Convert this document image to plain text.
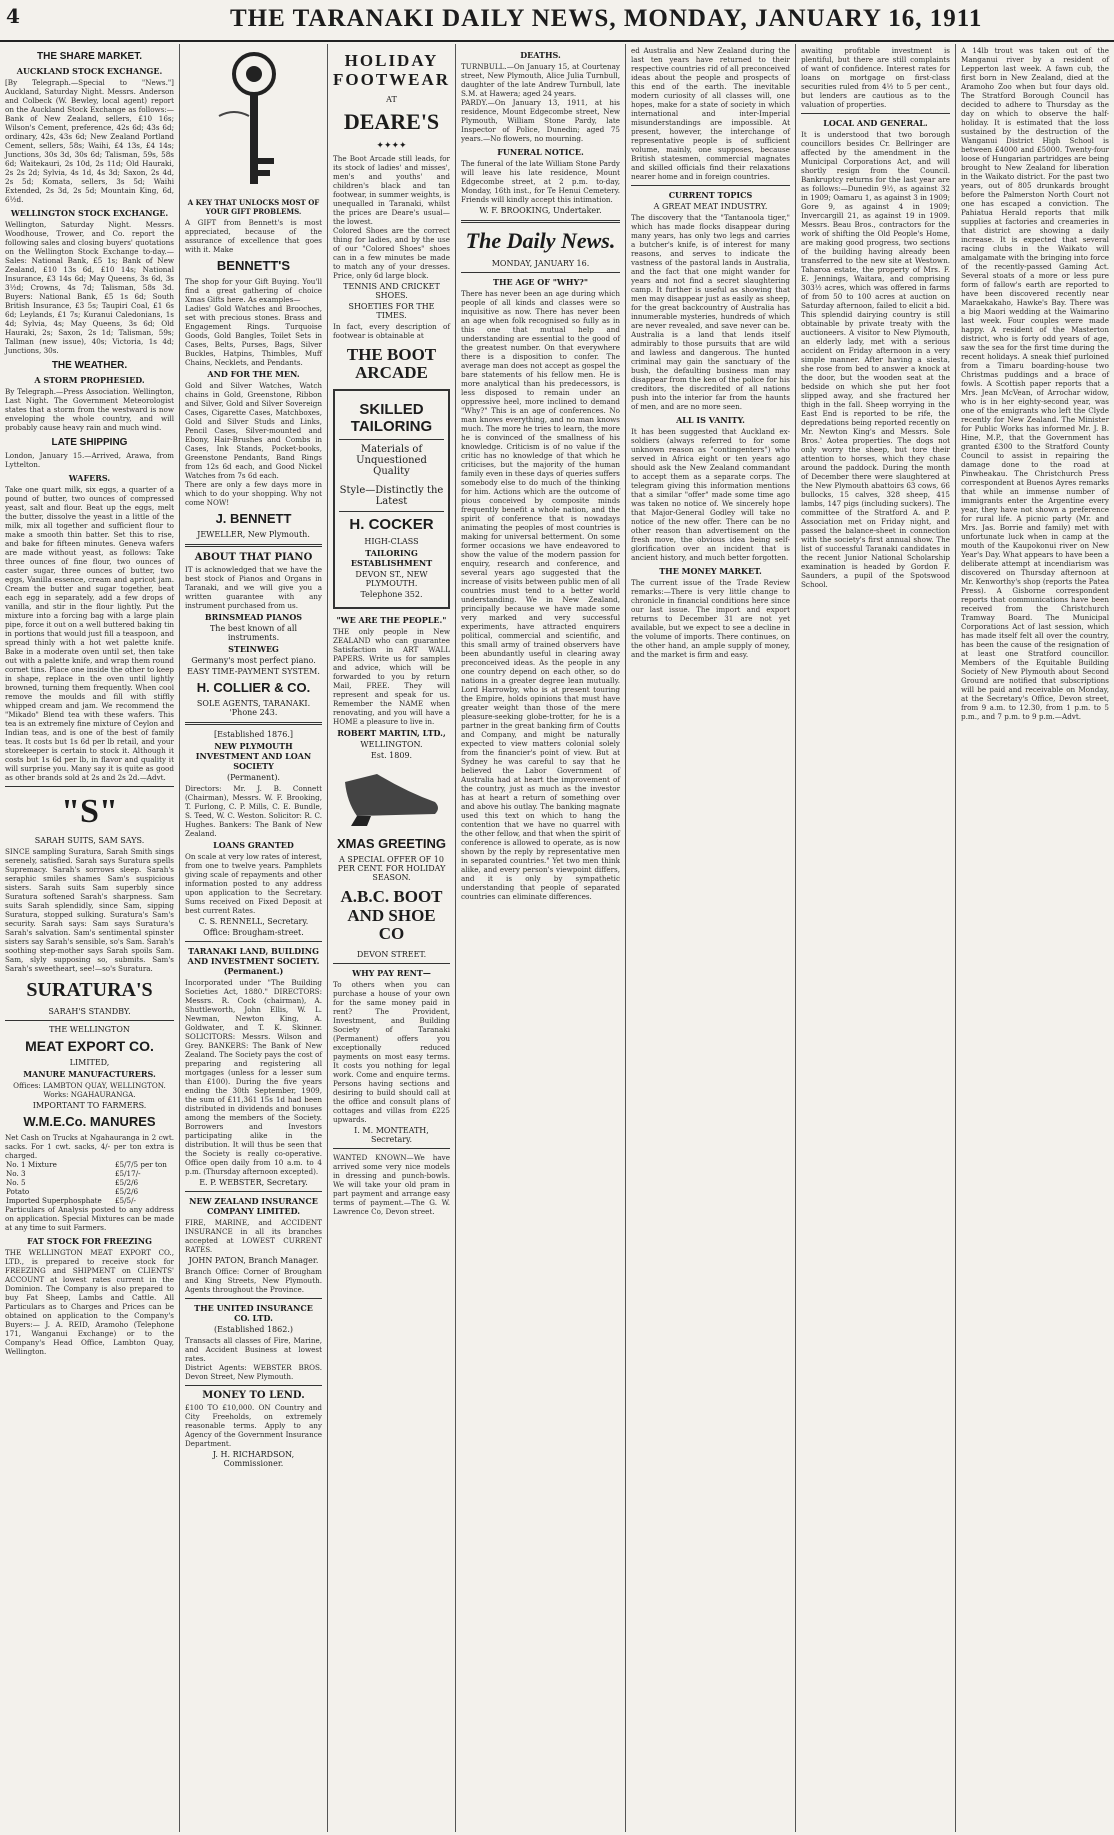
4	THE TARANAKI DAILY NEWS, MONDAY, JANUARY 16, 1911
THE SHARE MARKET.
AUCKLAND STOCK EXCHANGE.
[By Telegraph.—Special to "News."] Auckland, Saturday Night. Messrs. Anderson and Colbeck (W. Bewley, local agent) report on the Auckland Stock Exchange as follows:—Bank of New Zealand, sellers, £10 16s; Wilson's Cement, preference, 42s 6d; 43s 6d; ordinary, 42s, 43s 6d; New Zealand Portland Cement, sellers, 58s; Waihi, £4 13s, £4 14s; Junctions, 30s 3d, 30s 6d; Talisman, 59s, 58s 6d; Waitekauri, 2s 10d, 2s 11d; Old Hauraki, 2s 2s 2d; Sylvia, 4s 1d, 4s 3d; Saxon, 2s 4d, 2s 5d; Komata, sellers, 3s 5d; Waihi Extended, 2s 3d, 2s 5d; Mountain King, 6d, 6½d.
WELLINGTON STOCK EXCHANGE.
Wellington, Saturday Night. Messrs. Woodhouse, Trower, and Co. report the following sales and closing buyers' quotations on the Wellington Stock Exchange to-day.—Sales: National Bank, £5 1s; Bank of New Zealand, £10 13s 6d, £10 14s; National Insurance, £3 14s 6d; May Queens, 3s 6d, 3s 3½d; Crowns, 4s 7d; Talisman, 58s 3d. Buyers: National Bank, £5 1s 6d; South British Insurance, £3 5s; Taupiri Coal, £1 6s 6d; Leylands, £1 7s; Kuranui Caledonians, 1s 4d; Sylvia, 4s; May Queens, 3s 6d; Old Hauraki, 2s; Saxon, 2s 1d; Talisman, 59s; Tallman (new issue), 40s; Victoria, 1s 4d; Junctions, 30s.
THE WEATHER.
A STORM PROPHESIED.
By Telegraph.—Press Association. Wellington, Last Night. The Government Meteorologist states that a storm from the westward is now enveloping the whole country, and will probably cause heavy rain and much wind.
LATE SHIPPING
London, January 15.—Arrived, Arawa, from Lyttelton.
WAFERS.
Take one quart milk, six eggs, a quarter of a pound of butter, two ounces of compressed yeast, salt and flour. Beat up the eggs, melt the butter, dissolve the yeast in a little of the milk, mix all together and sufficient flour to make a smooth thin batter. Set this to rise, and bake for fifteen minutes. Geneva wafers are made without yeast, as follows: Take three ounces of fine flour, two ounces of caster sugar, three ounces of butter, two eggs, Vanilla essence, cream and apricot jam. Cream the butter and sugar together, beat each egg in separately, add a few drops of vanilla, and stir in the flour lightly. Put the mixture into a forcing bag with a large plain pipe, force it out on a well buttered baking tin in portions that would just fill a teaspoon, and spread thinly with a hot wet palette knife. Bake in a moderate oven until set, then take out with a palette knife, and wrap them round cornet tins. Place one inside the other to keep in shape, replace in the oven until lightly browned, turning them frequently. When cool remove the moulds and fill with stiffly whipped cream and jam. We recommend the "Mikado" Blend tea with these wafers. This tea is an extremely fine mixture of Ceylon and Indian teas, and is one of the best of family teas. It costs but 1s 6d per lb retail, and your storekeeper is certain to stock it. Although it costs but 1s 6d per lb, in flavor and quality it will surprise you. Many say it is quite as good as other brands sold at 2s and 2s 2d.—Advt.
"S"
SARAH SUITS, SAM SAYS.
SINCE sampling Suratura, Sarah Smith sings serenely, satisfied. Sarah says Suratura spells Supremacy. Sarah's sorrows sleep. Sarah's seraphic smiles shames Sam's suspicious sisters. Sarah suits Sam superbly since Suratura softened Sarah's sharpness. Sam suits Sarah splendidly, since Sam, sipping Suratura, stopped sulking. Suratura's Sam's security. Sarah says: Sam says Suratura's Sarah's salvation. Sam's sentimental spinster sisters say Sarah's sensible, so's Sam. Sarah's soothing step-mother says Sarah spoils Sam. Sam, slyly supposing so, submits. Sam's Sarah's sweetheart, see!—so's Suratura.
SURATURA'S
SARAH'S STANDBY.
THE WELLINGTON
MEAT EXPORT CO.
LIMITED,
MANURE MANUFACTURERS.
Offices: LAMBTON QUAY, WELLINGTON. Works: NGAHAURANGA.
IMPORTANT TO FARMERS.
W.M.E.Co. MANURES
Net Cash on Trucks at Ngahauranga in 2 cwt. sacks. For 1 cwt. sacks, 4/- per ton extra is charged.
No. 1 Mixture	£5/7/5 per ton
No. 3	£5/17/-
No. 5	£5/2/6
Potato	£5/2/6
Imported Superphosphate	£5/5/-
Particulars of Analysis posted to any address on application. Special Mixtures can be made at any time to suit Farmers.
FAT STOCK FOR FREEZING
THE WELLINGTON MEAT EXPORT CO., LTD., is prepared to receive stock for FREEZING and SHIPMENT on CLIENTS' ACCOUNT at lowest rates current in the Dominion. The Company is also prepared to buy Fat Sheep, Lambs and Cattle. All Particulars as to Charges and Prices can be obtained on application to the Company's Buyers:— J. A. REID, Aramoho (Telephone 171, Wanganui Exchange) or to the Company's Head Office, Lambton Quay, Wellington.
A KEY THAT UNLOCKS MOST OF YOUR GIFT PROBLEMS.
A GIFT from Bennett's is most appreciated, because of the assurance of excellence that goes with it. Make
BENNETT'S
The shop for your Gift Buying. You'll find a great gathering of choice Xmas Gifts here. As examples—
Ladies' Gold Watches and Brooches, set with precious stones. Brass and Engagement Rings. Turquoise Goods, Gold Bangles, Toilet Sets in Cases, Belts, Purses, Bags, Silver Buckles, Hatpins, Thimbles, Muff Chains, Necklets, and Pendants.
AND FOR THE MEN.
Gold and Silver Watches, Watch chains in Gold, Greenstone, Ribbon and Silver, Gold and Silver Sovereign Cases, Cigarette Cases, Matchboxes, Gold and Silver Studs and Links, Pencil Cases, Silver-mounted and Ebony, Hair-Brushes and Combs in Cases, Ink Stands, Pocket-books, Greenstone Pendants, Band Rings from 12s 6d each, and Good Nickel Watches from 7s 6d each.
There are only a few days more in which to do your shopping. Why not come NOW!
J. BENNETT
JEWELLER, New Plymouth.
ABOUT THAT PIANO
IT is acknowledged that we have the best stock of Pianos and Organs in Taranaki, and we will give you a written guarantee with any instrument purchased from us.
BRINSMEAD PIANOS
The best known of all instruments.
STEINWEG
Germany's most perfect piano.
EASY TIME-PAYMENT SYSTEM.
H. COLLIER & CO.
SOLE AGENTS, TARANAKI. 'Phone 243.
[Established 1876.]
NEW PLYMOUTH INVESTMENT AND LOAN SOCIETY
(Permanent).
Directors: Mr. J. B. Connett (Chairman), Messrs. W. F. Brooking, T. Furlong, C. P. Mills, C. E. Bundle, S. Teed, W. C. Weston. Solicitor: R. C. Hughes. Bankers: The Bank of New Zealand.
LOANS GRANTED
On scale at very low rates of interest, from one to twelve years. Pamphlets giving scale of repayments and other information posted to any address upon application to the Secretary. Sums received on Fixed Deposit at best current Rates.
C. S. RENNELL, Secretary.
Office: Brougham-street.
TARANAKI LAND, BUILDING AND INVESTMENT SOCIETY. (Permanent.)
Incorporated under "The Building Societies Act, 1880." DIRECTORS: Messrs. R. Cock (chairman), A. Shuttleworth, John Ellis, W. L. Newman, Newton King, A. Goldwater, and T. K. Skinner. SOLICITORS: Messrs. Wilson and Grey. BANKERS: The Bank of New Zealand. The Society pays the cost of preparing and registering all mortgages (unless for a lesser sum than £100). During the five years ending the 30th September, 1909, the sum of £11,361 15s 1d had been distributed in dividends and bonuses among the members of the Society. Borrowers and Investors participating alike in the distribution. It will thus be seen that the Society is really co-operative. Office open daily from 10 a.m. to 4 p.m. (Thursday afternoon excepted).
E. P. WEBSTER, Secretary.
NEW ZEALAND INSURANCE COMPANY LIMITED.
FIRE, MARINE, and ACCIDENT INSURANCE in all its branches accepted at LOWEST CURRENT RATES.
JOHN PATON, Branch Manager.
Branch Office: Corner of Brougham and King Streets, New Plymouth. Agents throughout the Province.
THE UNITED INSURANCE CO. LTD.
(Established 1862.)
Transacts all classes of Fire, Marine, and Accident Business at lowest rates.
District Agents: WEBSTER BROS. Devon Street, New Plymouth.
MONEY TO LEND.
£100 TO £10,000. ON Country and City Freeholds, on extremely reasonable terms. Apply to any Agency of the Government Insurance Department.
J. H. RICHARDSON, Commissioner.
HOLIDAY FOOTWEAR
AT
DEARE'S
✦✦✦✦
The Boot Arcade still leads, for its stock of ladies' and misses', men's and youths' and children's black and tan footwear, in summer weights, is unequalled in Taranaki, whilst the prices are Deare's usual—the lowest.
Colored Shoes are the correct thing for ladies, and by the use of our "Colored Shoes" shoes can in a few minutes be made to match any of your dresses. Price, only 6d large block.
TENNIS AND CRICKET SHOES.
SHOETIES FOR THE TIMES.
In fact, every description of footwear is obtainable at
THE BOOT ARCADE
SKILLED TAILORING
Materials of Unquestioned Quality
Style—Distinctly the Latest
H. COCKER
HIGH-CLASS
TAILORING ESTABLISHMENT
DEVON ST., NEW PLYMOUTH.
Telephone 352.
"WE ARE THE PEOPLE."
THE only people in New ZEALAND who can guarantee Satisfaction in ART WALL PAPERS. Write us for samples and advice, which will be forwarded to you by return Mail, FREE. They will represent and speak for us. Remember the NAME when renovating, and you will have a HOME a pleasure to live in.
ROBERT MARTIN, LTD.,
WELLINGTON.
Est. 1809.
XMAS GREETING
A SPECIAL OFFER OF 10 PER CENT. FOR HOLIDAY SEASON.
A.B.C. BOOT AND SHOE CO
DEVON STREET.
WHY PAY RENT—
To others when you can purchase a house of your own for the same money paid in rent? The Provident, Investment, and Building Society of Taranaki (Permanent) offers you exceptionally reduced payments on most easy terms. It costs you nothing for legal work. Come and enquire terms. Persons having sections and desiring to build should call at the office and consult plans of cottages and villas from £225 upwards.
I. M. MONTEATH, Secretary.
WANTED KNOWN—We have arrived some very nice models in dressing and punch-bowls. We will take your old pram in part payment and arrange easy terms of payment.—The G. W. Lawrence Co, Devon street.
DEATHS.
TURNBULL.—On January 15, at Courtenay street, New Plymouth, Alice Julia Turnbull, daughter of the late Andrew Turnbull, late S.M. at Hawera; aged 24 years.
PARDY.—On January 13, 1911, at his residence, Mount Edgecombe street, New Plymouth, William Stone Pardy, late Inspector of Police, Dunedin; aged 75 years.—No flowers, no mourning.
FUNERAL NOTICE.
The funeral of the late William Stone Pardy will leave his late residence, Mount Edgecombe street, at 2 p.m. to-day, Monday, 16th inst., for Te Henui Cemetery. Friends will kindly accept this intimation.
W. F. BROOKING, Undertaker.
The Daily News.
MONDAY, JANUARY 16.
THE AGE OF "WHY?"
There has never been an age during which people of all kinds and classes were so inquisitive as now. There has never been an age when folk recognised so fully as in this one that mutual help and understanding are essential to the good of the greatest number. On that everywhere there is a disposition to confer. The average man does not accept as gospel the bare statements of his fellow men. He is more analytical than his predecessors, is less disposed to remain under an oppressive heel, more inclined to demand "Why?" This is an age of conferences. No man knows everything, and no man knows much. The more he tries to learn, the more he is convinced of the smallness of his knowledge. Criticism is of no value if the critic has no knowledge of that which he criticises, but the majority of the human family even in these days of queries suffers somebody else to do much of the thinking for him. Actions which are the outcome of pious conceived by composite minds frequently benefit a whole nation, and the spirit of conference that is nowadays animating the peoples of most countries is making for universal betterment. On some former occasions we have endeavored to show the value of the modern passion for enquiry, research and conference, and several years ago suggested that the increase of visits between public men of all countries must tend to a better world understanding. We in New Zealand, principally because we have made some very marked and very successful experiments, have attracted enquirers political, commercial and scientific, and this small army of trained observers have been abundantly useful in clearing away preconceived ideas. As the people in any one country depend on each other, so do nations in a greater degree lean mutually. Lord Harrowby, who is at present touring the Empire, holds opinions that must have greater weight than those of the mere pleasure-seeking globe-trotter, for he is a partner in the great banking firm of Coutts and Company, and might be naturally expected to view matters colonial solely from the financier's point of view. But at Sydney he was careful to say that he believed the Labor Government of Australia had at heart the improvement of the country, just as much as the investor has at heart a return of something over and above his outlay. The banking magnate used this text on which to hang the contention that we have no quarrel with the other fellow, and that when the spirit of conference is allowed to operate, as is now shown by the reply by representative men in separated countries." Yet two men think alike, and every person's viewpoint differs, and it is only by sympathetic understanding that people of separated countries can eliminate differences.
ed Australia and New Zealand during the last ten years have returned to their respective countries rid of all preconceived ideas about the people and prospects of this end of the earth. The inevitable modern curiosity of all classes will, one hopes, make for a state of society in which international and inter-Imperial misunderstandings are impossible. At present, however, the interchange of representative people is of sufficient volume, mainly, one supposes, because British statesmen, commercial magnates and skilled officials find their relaxations nearer home and in foreign countries.
CURRENT TOPICS
A GREAT MEAT INDUSTRY.
The discovery that the "Tantanoola tiger," which has made flocks disappear during many years, has only two legs and carries a butcher's knife, is of interest for many reasons, and serves to indicate the vastness of the pastoral lands in Australia, and the fact that one might wander for years and not find a secret slaughtering camp. It further is useful as showing that men may disappear just as easily as sheep, for the great backcountry of Australia has innumerable mysteries, hundreds of which are never revealed, and save never can be. Australia is a land that lends itself admirably to those pursuits that are wild and lawless and dangerous. The hunted criminal may gain the sanctuary of the bush, the defaulting business man may disappear from the ken of the police for his creditors, the discredited of all nations push into the interior far from the haunts of men, and are no more seen.
ALL IS VANITY.
It has been suggested that Auckland ex-soldiers (always referred to for some unknown reason as "contingenters") who served in Africa eight or ten years ago should ask the New Zealand commandant to accept them as a separate corps. The telegram giving this information mentions that a similar "offer" made some time ago was taken no notice of. We sincerely hope that Major-General Godley will take no notice of the new offer. There can be no other reason than advertisement on the fresh move, the obvious idea being self-glorification over an incident that is ancient history, and much better forgotten.
THE MONEY MARKET.
The current issue of the Trade Review remarks:—There is very little change to chronicle in financial conditions here since our last issue. The import and export returns to December 31 are not yet available, but we expect to see a decline in the volume of imports. There continues, on the other hand, an ample supply of money, and the market is firm and easy.
awaiting profitable investment is plentiful, but there are still complaints of want of confidence. Interest rates for loans on mortgage on first-class securities ruled from 4½ to 5 per cent., but lenders are cautious as to the valuation of properties.
LOCAL AND GENERAL.
It is understood that two borough councillors besides Cr. Bellringer are affected by the amendment in the Municipal Corporations Act, and will shortly resign from the Council. Bankruptcy returns for the last year are as follows:—Dunedin 9½, as against 32 in 1909; Oamaru 1, as against 3 in 1909; Gore 9, as against 4 in 1909; Invercargill 21, as against 19 in 1909. Messrs. Beau Bros., contractors for the work of shifting the Old People's Home, are making good progress, two sections of the building having already been transferred to the new site at Westown. Taharoa estate, the property of Mrs. F. E. Jennings, Waitara, and comprising 303½ acres, which was offered in farms of from 50 to 100 acres at auction on Saturday afternoon, failed to elicit a bid. This splendid dairying country is still obtainable by private treaty with the auctioneers. A visitor to New Plymouth, an elderly lady, met with a serious accident on Friday afternoon in a very simple manner. After having a siesta, she rose from bed to answer a knock at the door, but the wooden seat at the bedside on which she put her foot slipped away, and she fractured her thigh in the fall. Sheep worrying in the East End is reported to be rife, the depredations being reported recently on Mr. Newton King's and Messrs. Sole Bros.' Aotea properties. The dogs not only worry the sheep, but tore their attention to horses, which they chase around the paddock. During the month of December there were slaughtered at the New Plymouth abattoirs 63 cows, 66 bullocks, 15 calves, 328 sheep, 415 lambs, 147 pigs (including suckers). The committee of the Stratford A. and P. Association met on Friday night, and passed the balance-sheet in connection with the society's first annual show. The list of successful Taranaki candidates in the recent Junior National Scholarship examination is headed by Gordon F. Saunders, a pupil of the Spotswood School.
A 14lb trout was taken out of the Manganui river by a resident of Lepperton last week. A fawn cub, the first born in New Zealand, died at the Aramoho Zoo when but four days old. The Stratford Borough Council has decided to adhere to Thursday as the day on which to observe the half-holiday. It is estimated that the loss sustained by the destruction of the Wanganui District High School is between £4000 and £5000. Twenty-four loose of Hungarian partridges are being brought to New Zealand for liberation in the Waikato district. For the past two years, out of 805 drunkards brought before the Palmerston North Court not one has escaped a conviction. The Pahiatua Herald reports that milk supplies at factories and creameries in that district are showing a daily increase. It is expected that several racing clubs in the Waikato will amalgamate with the bringing into force of the recently-passed Gaming Act. Several stoats of a more or less pure form of fallow's earth are reported to have been discovered recently near Maraekakaho, Hawke's Bay. There was a big Maori wedding at the Waimarino last week. Four couples were made happy. A resident of the Masterton district, who is forty odd years of age, saw the sea for the first time during the recent holidays. A sneak thief purloined from a Timaru boarding-house two Christmas puddings and a brace of fowls. A Scottish paper reports that a Mrs. Jean McVean, of Arrochar widow, who is in her eighty-second year, was one of the emigrants who left the Clyde recently for New Zealand. The Minister for Public Works has informed Mr. J. B. Hine, M.P., that the Government has granted £300 to the Stratford County Council to assist in repairing the damage done to the road at Pinwheakau. The Christchurch Press correspondent at Buenos Ayres remarks that while an immense number of immigrants enter the Argentine every year, they have not shown a preference for rural life. A picnic party (Mr. and Mrs. Jas. Borrie and family) met with unfortunate luck when in camp at the mouth of the Kaupokonui river on New Year's Day. What appears to have been a deliberate attempt at incendiarism was discovered on Thursday afternoon at Mr. Kenworthy's shop (reports the Patea Press). A Gisborne correspondent reports that communications have been received from the Christchurch Tramway Board. The Municipal Corporations Act of last session, which has made itself felt all over the country, has been the cause of the resignation of at least one Stratford councillor. Members of the Equitable Building Society of New Plymouth about Second Ground are notified that subscriptions will be paid and receivable on Monday, at the Secretary's Office, Devon street, from 9 a.m. to 12.30, from 1 p.m. to 5 p.m., and 7 p.m. to 9 p.m.—Advt.
